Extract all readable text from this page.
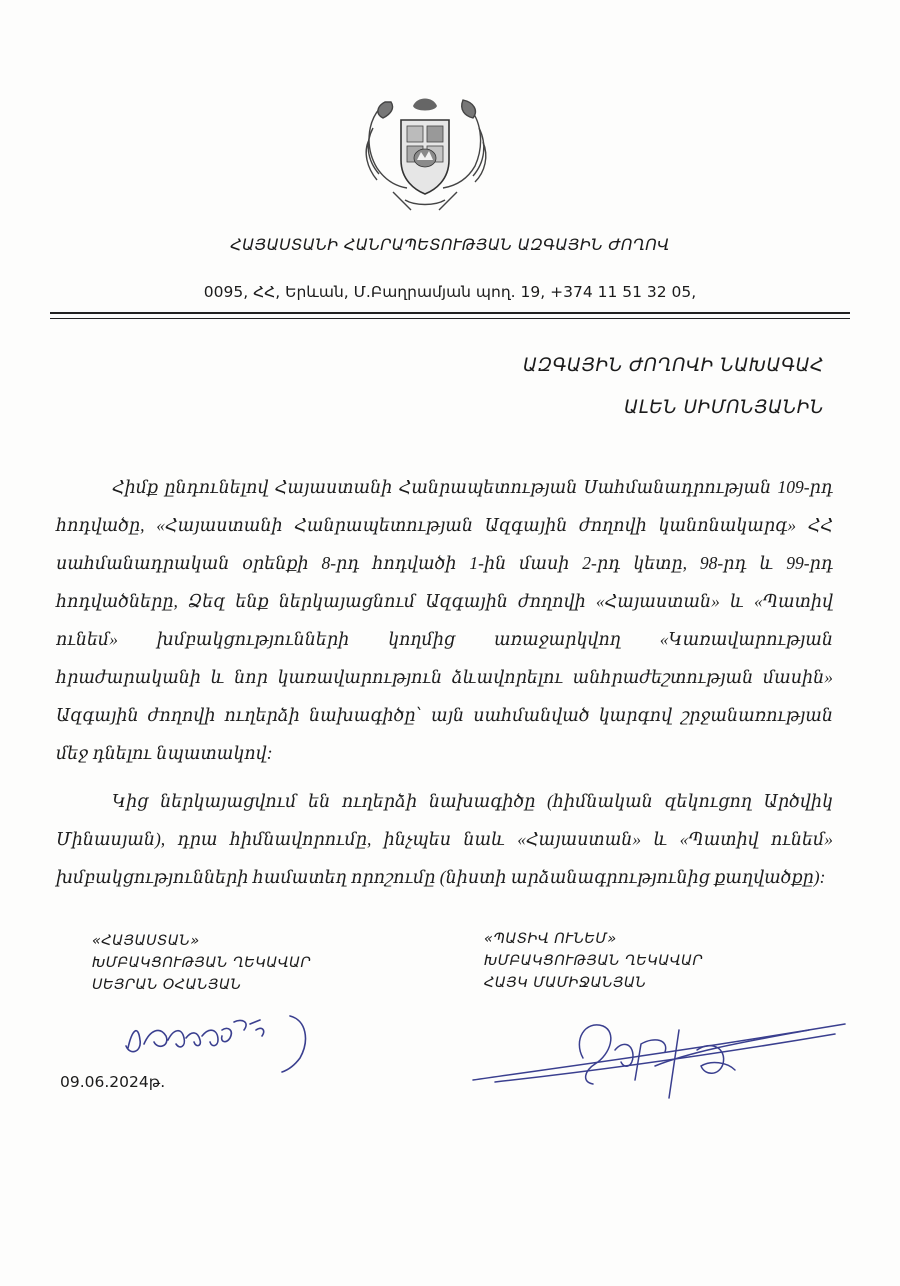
ՀԱՅԱՍՏԱՆԻ ՀԱՆՐԱՊԵՏՈՒԹՅԱՆ ԱԶԳԱՅԻՆ ԺՈՂՈՎ
0095, ՀՀ, Երևան, Մ.Բաղրամյան պող. 19, +374 11 51 32 05,
ԱԶԳԱՅԻՆ ԺՈՂՈՎԻ ՆԱԽԱԳԱՀ
ԱԼԵՆ ՍԻՄՈՆՅԱՆԻՆ

Հիմք ընդունելով Հայաստանի Հանրապետության Սահմանադրության 109-րդ հոդվածը, «Հայաստանի Հանրապետության Ազգային ժողովի կանոնակարգ» ՀՀ սահմանադրական օրենքի 8-րդ հոդվածի 1-ին մասի 2-րդ կետը, 98-րդ և 99-րդ հոդվածները, Ձեզ ենք ներկայացնում Ազգային ժողովի «Հայաստան» և «Պատիվ ունեմ» խմբակցությունների կողմից առաջարկվող «Կառավարության հրաժարականի և նոր կառավարություն ձևավորելու անհրաժեշտության մասին» Ազգային ժողովի ուղերձի նախագիծը՝ այն սահմանված կարգով շրջանառության մեջ դնելու նպատակով:

Կից ներկայացվում են ուղերձի նախագիծը (հիմնական զեկուցող Արծվիկ Մինասյան), դրա հիմնավորումը, ինչպես նաև «Հայաստան» և «Պատիվ ունեմ» խմբակցությունների համատեղ որոշումը (նիստի արձանագրությունից քաղվածքը):

«ՀԱՅԱՍՏԱՆ»
ԽՄԲԱԿՑՈՒԹՅԱՆ ՂԵԿԱՎԱՐ
ՍԵՅՐԱՆ ՕՀԱՆՅԱՆ
«ՊԱՏԻՎ ՈՒՆԵՄ»
ԽՄԲԱԿՑՈՒԹՅԱՆ ՂԵԿԱՎԱՐ
ՀԱՅԿ ՄԱՄԻՋԱՆՅԱՆ
09.06.2024թ.
